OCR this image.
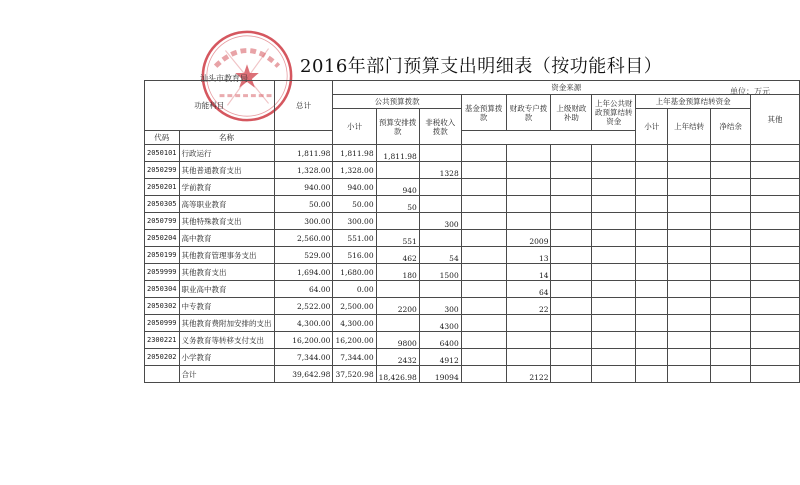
2016年部门预算支出明细表（按功能科目）
汕头市教育局
单位：万元
功能科目		总计	资金来源										
			公共预算拨款			基金预算拨款	财政专户拨款	上级财政补助	上年公共财政预算结转资金	上年基金预算结转资金			其他
			小计	预算安排拨款	非税收入拨款					小计	上年结转	净结余	
代码	名称												
2050101	行政运行	1,811.98	1,811.98	1,811.98									
2050299	其他普通教育支出	1,328.00	1,328.00		1328								
2050201	学前教育	940.00	940.00	940									
2050305	高等职业教育	50.00	50.00	50									
2050799	其他特殊教育支出	300.00	300.00		300								
2050204	高中教育	2,560.00	551.00	551			2009						
2050199	其他教育管理事务支出	529.00	516.00	462	54		13						
2059999	其他教育支出	1,694.00	1,680.00	180	1500		14						
2050304	职业高中教育	64.00	0.00				64						
2050302	中专教育	2,522.00	2,500.00	2200	300		22						
2050999	其他教育费附加安排的支出	4,300.00	4,300.00		4300								
2300221	义务教育等转移支付支出	16,200.00	16,200.00	9800	6400								
2050202	小学教育	7,344.00	7,344.00	2432	4912								
	合计	39,642.98	37,520.98	18,426.98	19094		2122						
